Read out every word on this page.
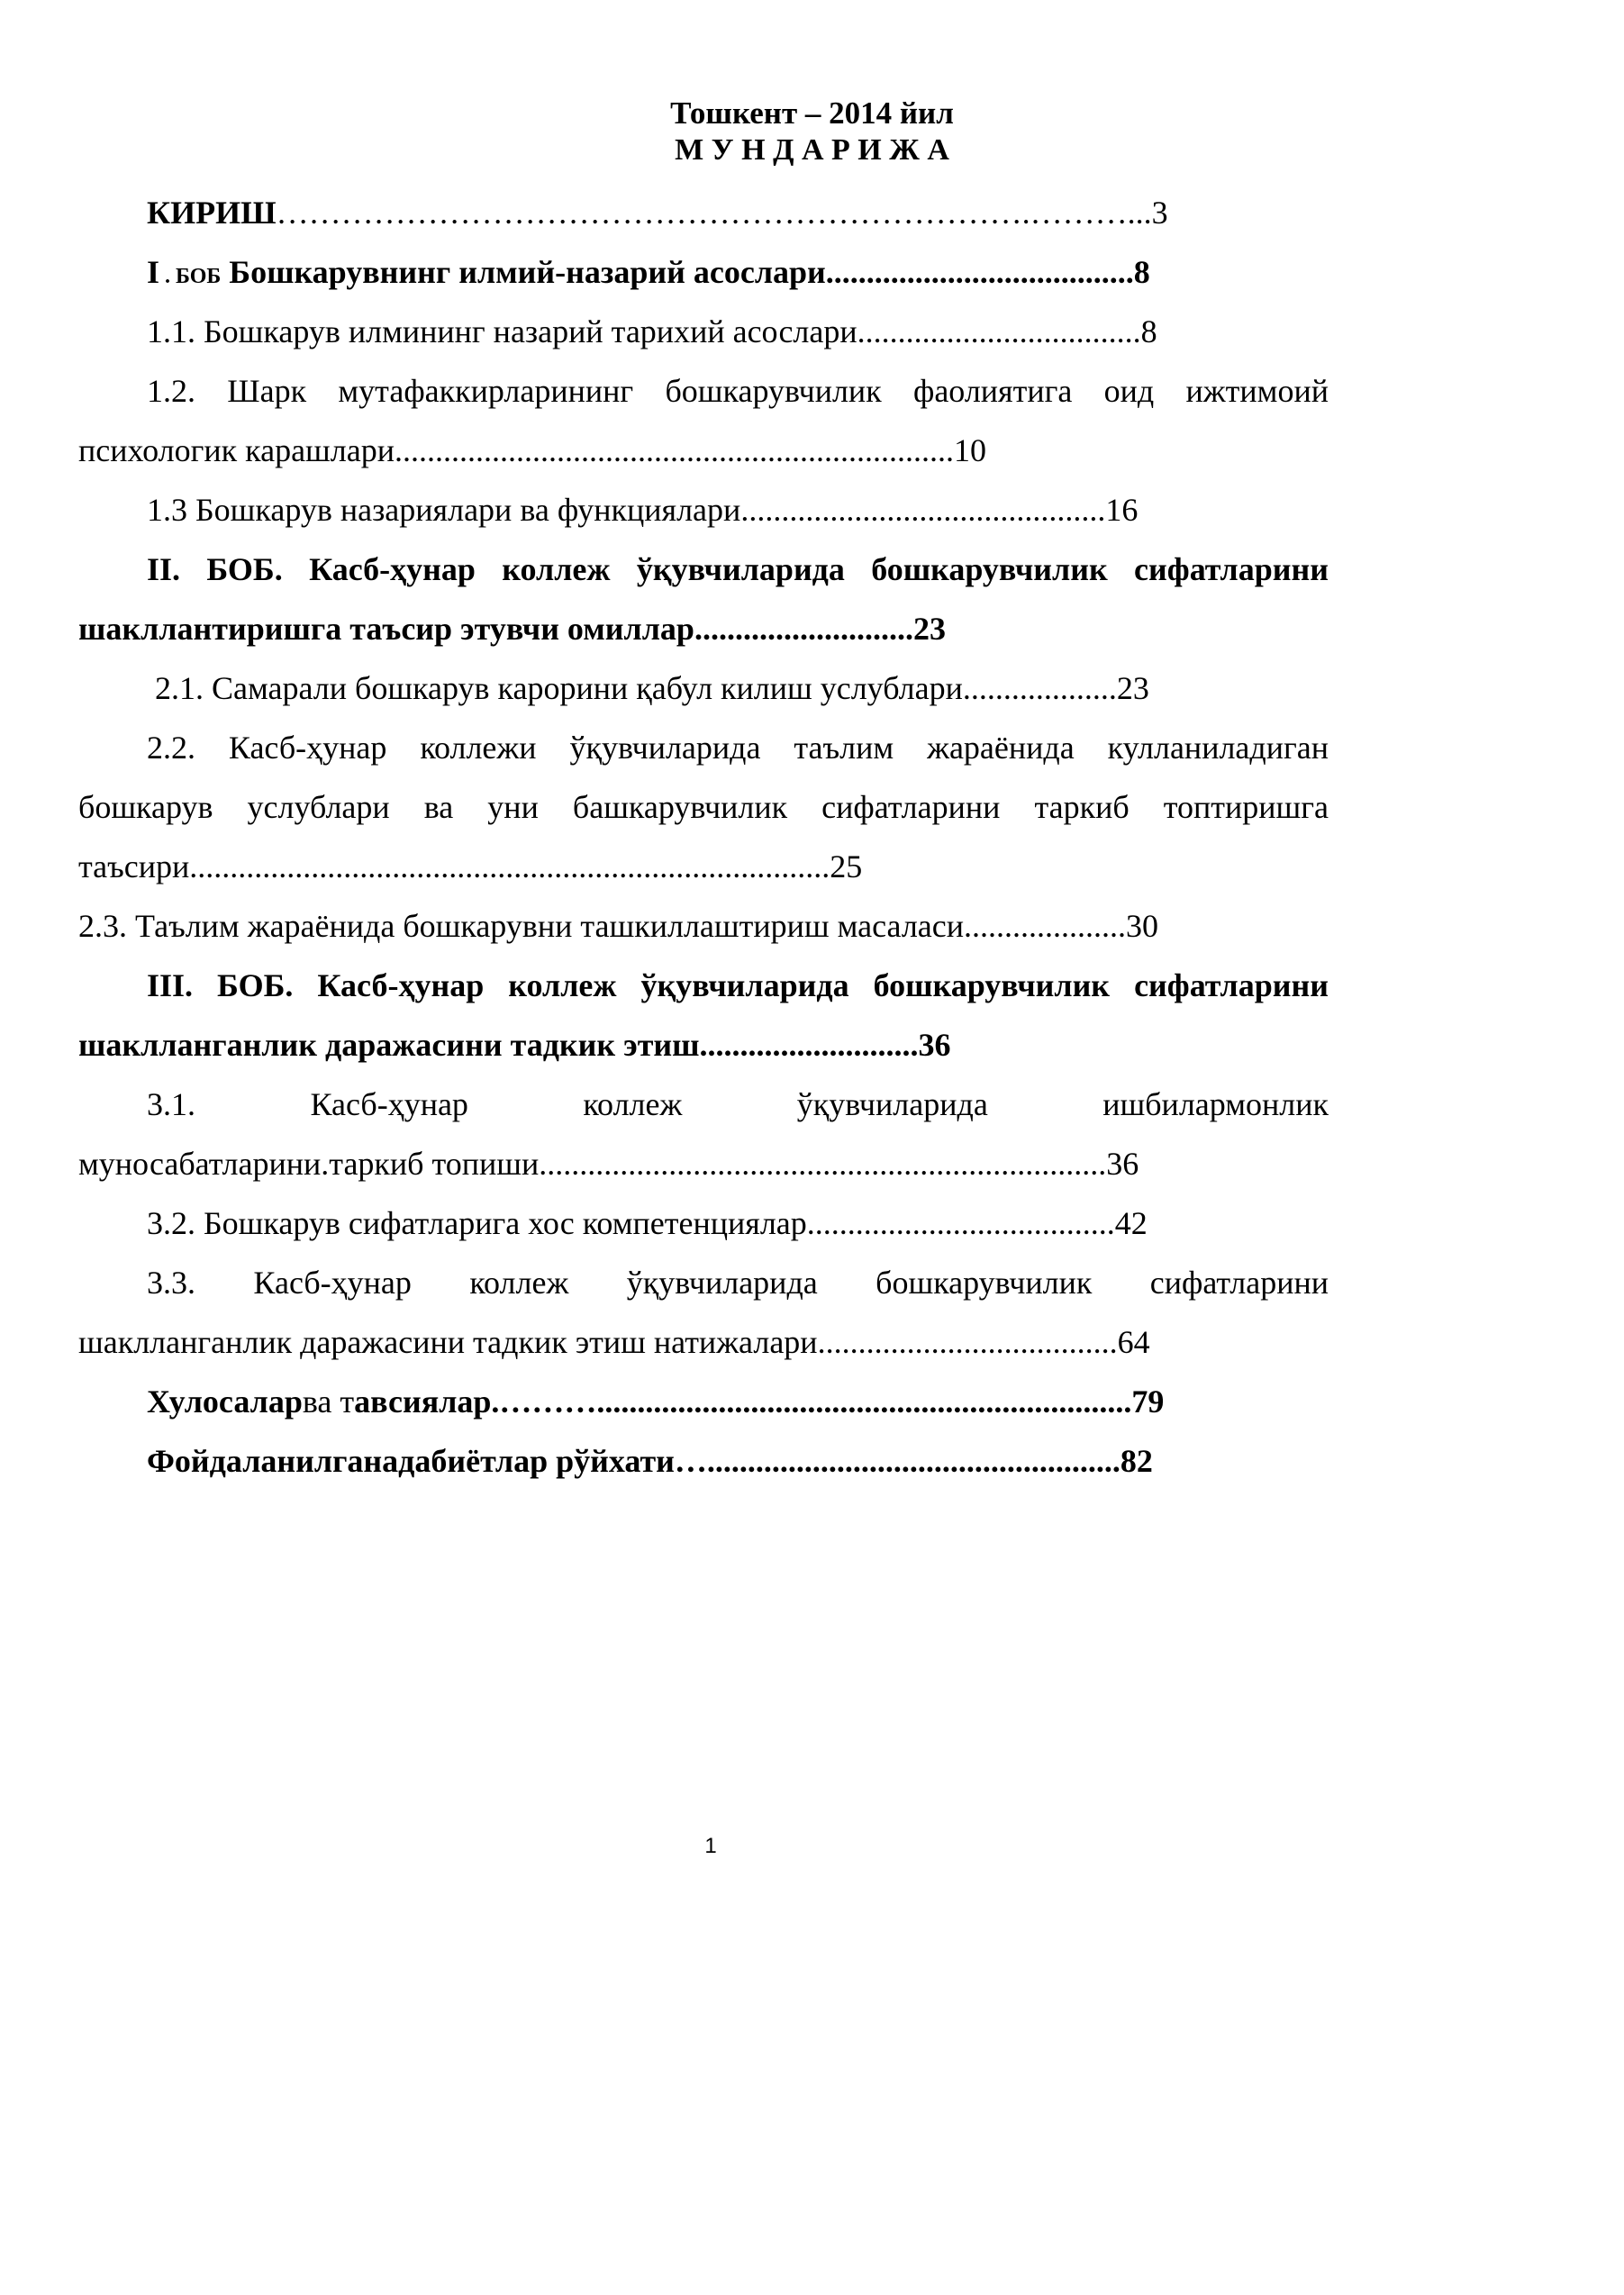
Тошкент – 2014 йил
М У Н Д А Р И Ж А
КИРИШ…………………………………………………………….………...3
I . БОБ Бошкарувнинг илмий-назарий асослари......................................8
1.1. Бошкарув илмининг назарий тарихий асослари...................................8
1.2. Шарк мутафаккирларининг бошкарувчилик фаолиятига оид ижтимоий
психологик карашлари.....................................................................10
1.3 Бошкарув назариялари ва функциялари.............................................16
II. БОБ. Касб-ҳунар коллеж ўқувчиларида бошкарувчилик сифатларини
шакллантиришга таъсир этувчи омиллар...........................23
2.1. Самарали бошкарув карорини қабул килиш услублари...................23
2.2. Касб-ҳунар коллежи ўқувчиларида таълим жараёнида кулланиладиган
бошкарув услублари ва уни башкарувчилик сифатларини таркиб топтиришга
таъсири...............................................................................25
2.3. Таълим жараёнида бошкарувни ташкиллаштириш масаласи....................30
III. БОБ. Касб-ҳунар коллеж ўқувчиларида бошкарувчилик сифатларини
шаклланганлик даражасини тадкик этиш...........................36
3.1. Касб-ҳунар коллеж ўқувчиларида ишбилармонлик
муносабатларини.таркиб топиши......................................................................36
3.2. Бошкарув сифатларига хос компетенциялар......................................42
3.3. Касб-ҳунар коллеж ўқувчиларида бошкарувчилик сифатларини
шаклланганлик даражасини тадкик этиш натижалари.....................................64
Хулосаларва тавсиялар.………..................................................................79
Фойдаланилганадабиётлар рўйхати…...................................................82
1
